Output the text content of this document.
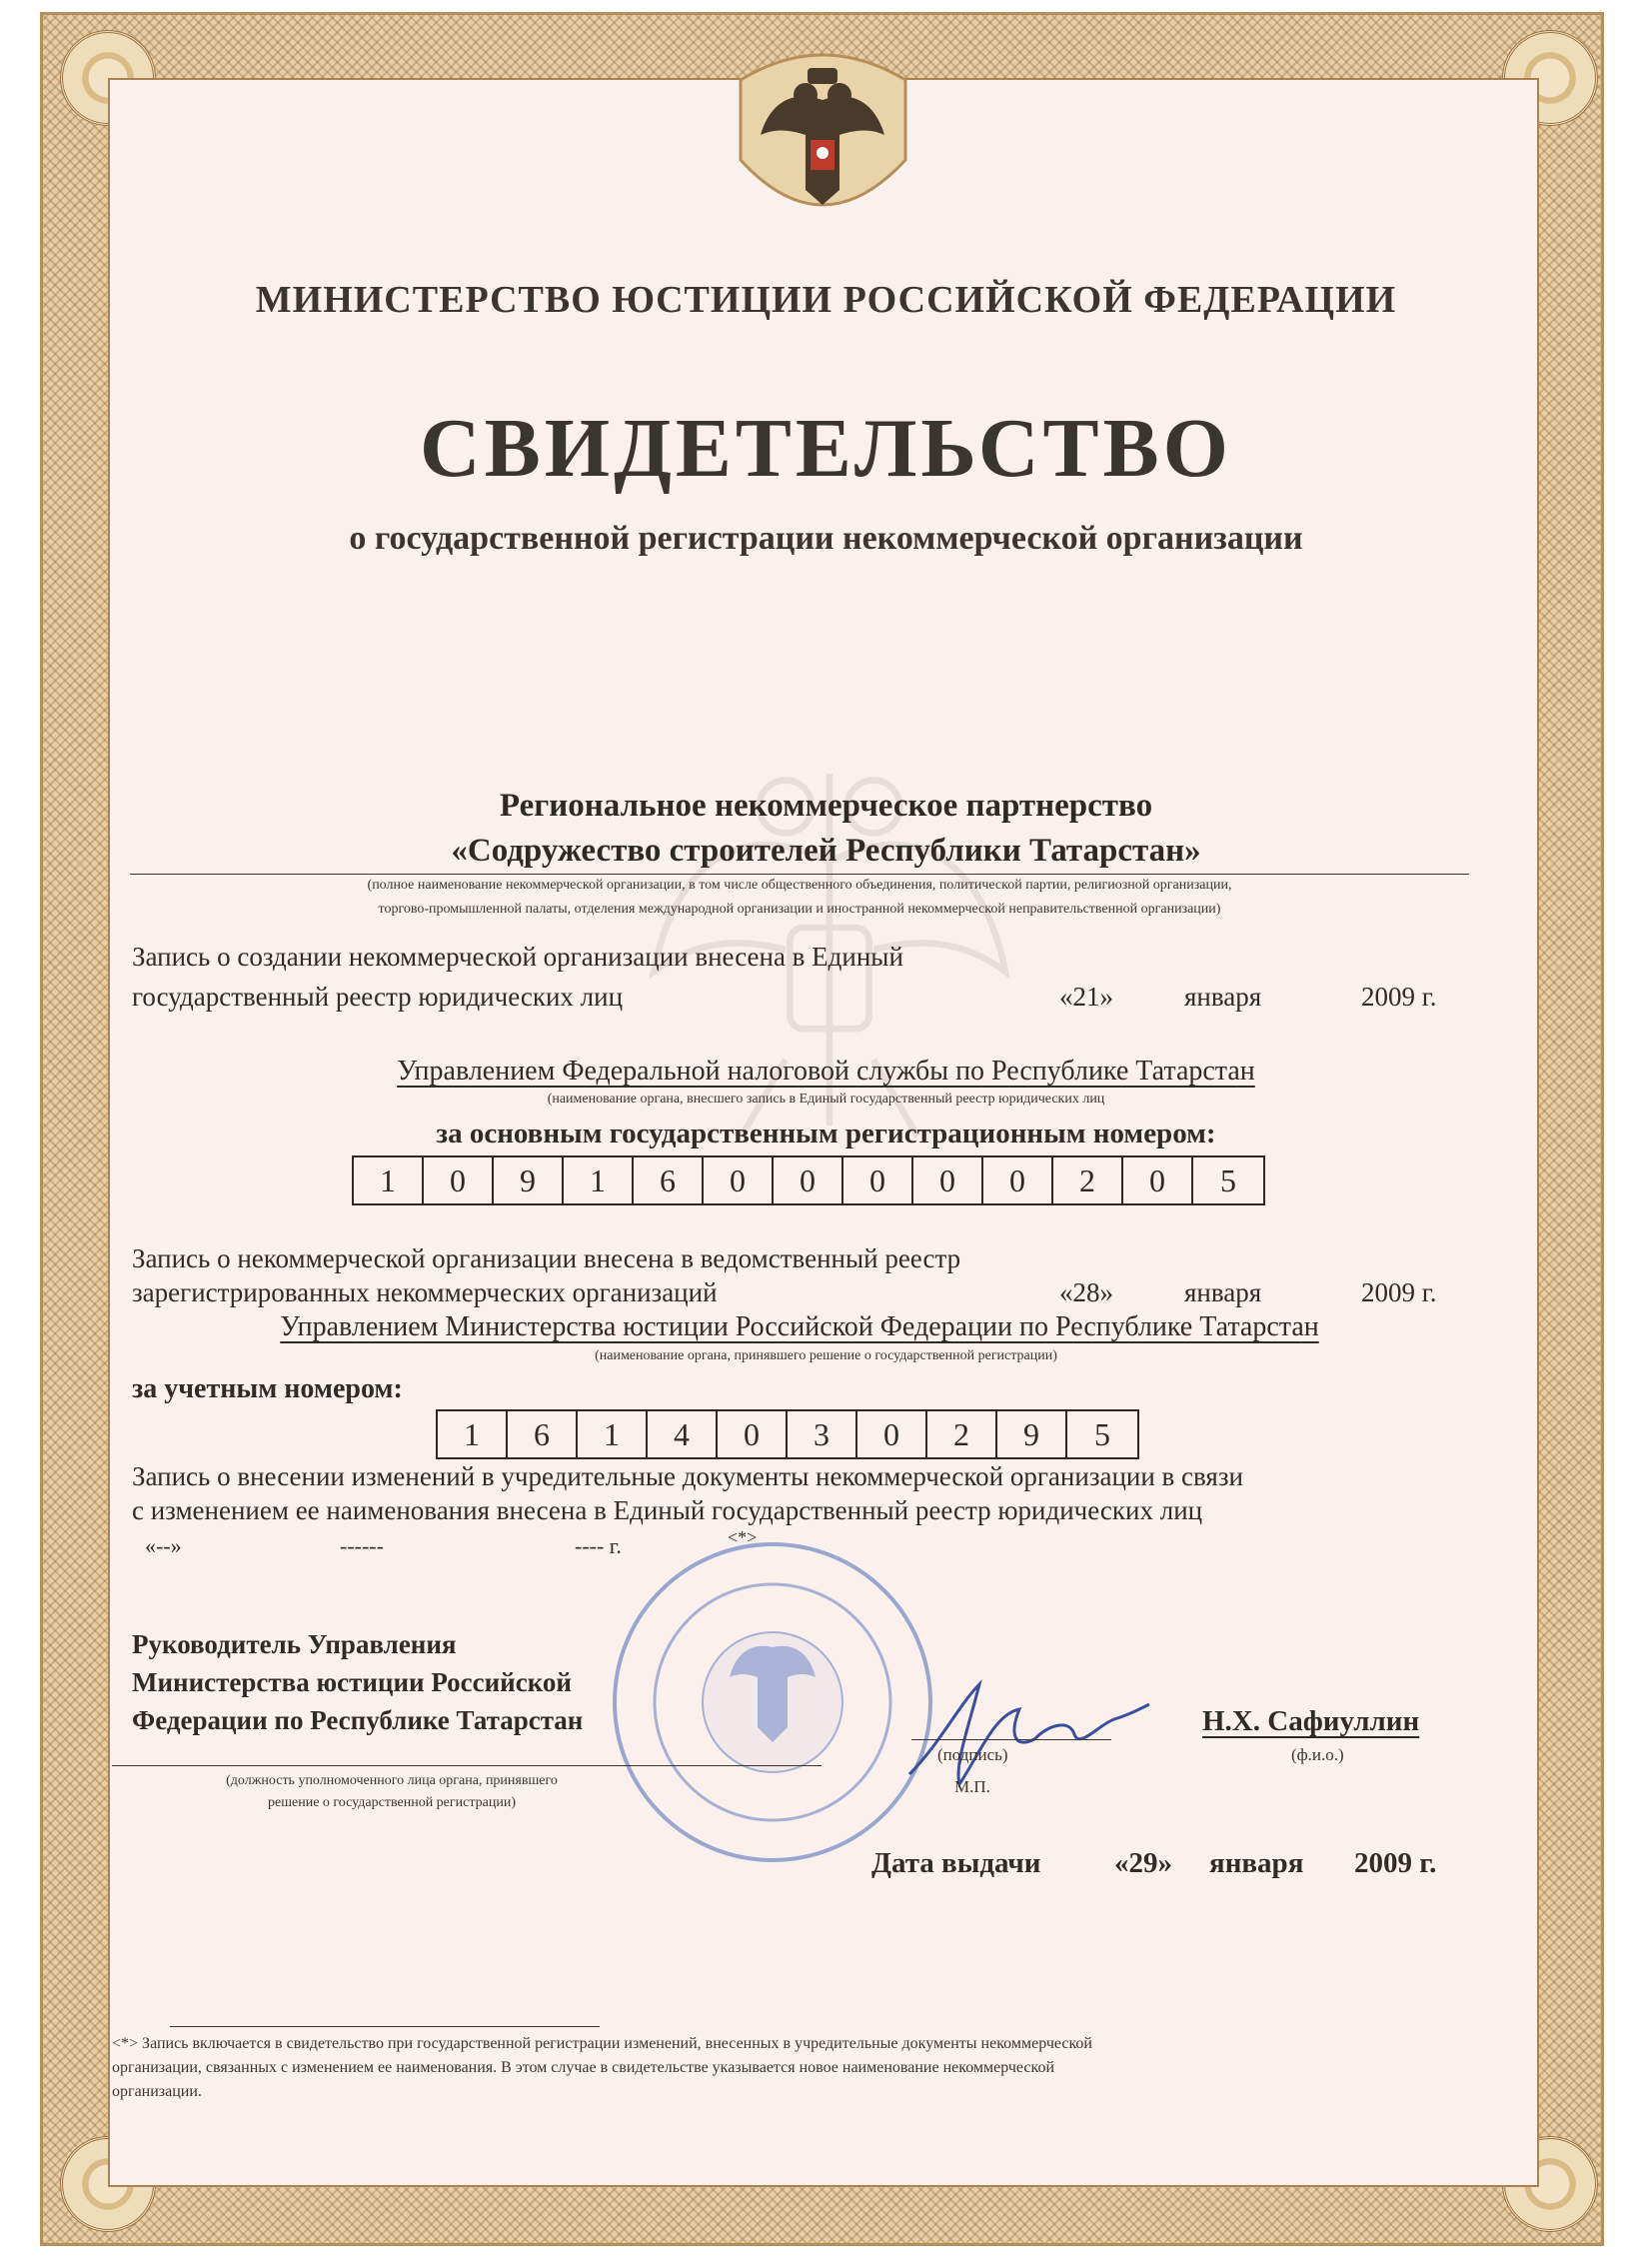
МИНИСТЕРСТВО ЮСТИЦИИ РОССИЙСКОЙ ФЕДЕРАЦИИ
СВИДЕТЕЛЬСТВО
о государственной регистрации некоммерческой организации
Региональное некоммерческое партнерство
«Содружество строителей Республики Татарстан»
(полное наименование некоммерческой организации, в том числе общественного объединения, политической партии, религиозной организации,
торгово-промышленной палаты, отделения международной организации и иностранной некоммерческой неправительственной организации)
Запись о создании некоммерческой организации внесена в Единый
государственный реестр юридических лиц	«21»	января	2009 г.
Управлением Федеральной налоговой службы по Республике Татарстан
(наименование органа, внесшего запись в Единый государственный реестр юридических лиц
за основным государственным регистрационным номером:
1	0	9	1	6	0	0	0	0	0	2	0	5
Запись о некоммерческой организации внесена в ведомственный реестр
зарегистрированных некоммерческих организаций	«28»	января	2009 г.
Управлением Министерства юстиции Российской Федерации по Республике Татарстан
(наименование органа, принявшего решение о государственной регистрации)
за учетным номером:
1	6	1	4	0	3	0	2	9	5
Запись о внесении изменений в учредительные документы некоммерческой организации в связи
с изменением ее наименования внесена в Единый государственный реестр юридических лиц
«--»	------	---- г.	<*>
Руководитель Управления
Министерства юстиции Российской
Федерации по Республике Татарстан
(должность уполномоченного лица органа, принявшего
решение о государственной регистрации)
(подпись)
М.П.
Н.Х. Сафиуллин
(ф.и.о.)
Дата выдачи	«29» января 2009 г.
<*> Запись включается в свидетельство при государственной регистрации изменений, внесенных в учредительные документы некоммерческой
организации, связанных с изменением ее наименования. В этом случае в свидетельстве указывается новое наименование некоммерческой
организации.
